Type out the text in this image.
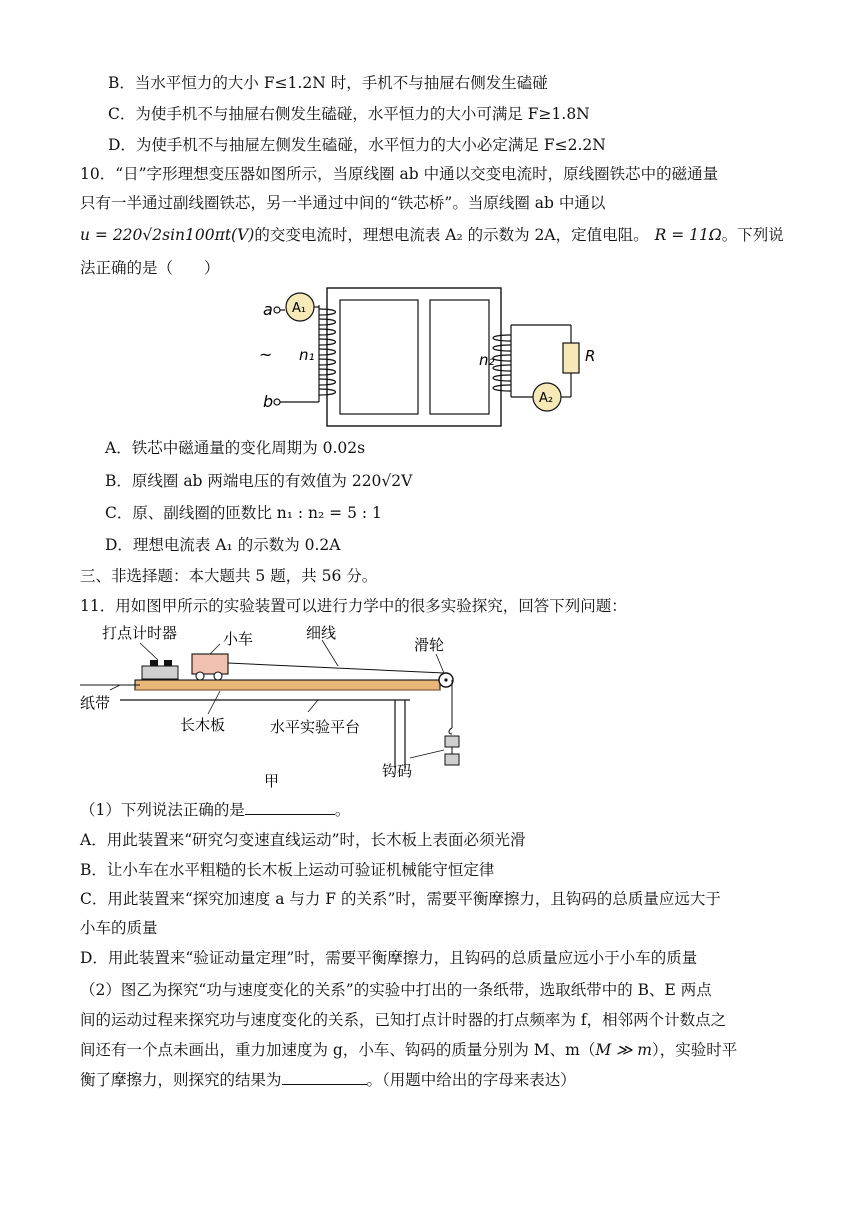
B．当水平恒力的大小 F≤1.2N 时，手机不与抽屉右侧发生磕碰
C．为使手机不与抽屉右侧发生磕碰，水平恒力的大小可满足 F≥1.8N
D．为使手机不与抽屉左侧发生磕碰，水平恒力的大小必定满足 F≤2.2N
10．“日”字形理想变压器如图所示，当原线圈 ab 中通以交变电流时，原线圈铁芯中的磁通量
只有一半通过副线圈铁芯，另一半通过中间的“铁芯桥”。当原线圈 ab 中通以
u = 220√2sin100πt(V)的交变电流时，理想电流表 A₂ 的示数为 2A，定值电阻。 R = 11Ω。下列说
法正确的是（　　）
a
b
~ n₁	n₂	R
A₁
A₂
A．铁芯中磁通量的变化周期为 0.02s
B．原线圈 ab 两端电压的有效值为 220√2V
C．原、副线圈的匝数比 n₁ : n₂ = 5 : 1
D．理想电流表 A₁ 的示数为 0.2A
三、非选择题：本大题共 5 题，共 56 分。
11．用如图甲所示的实验装置可以进行力学中的很多实验探究，回答下列问题：
打点计时器	小车	细线
滑轮
纸带
长木板	水平实验平台
钩码
甲
（1）下列说法正确的是	。
A．用此装置来“研究匀变速直线运动”时，长木板上表面必须光滑
B．让小车在水平粗糙的长木板上运动可验证机械能守恒定律
C．用此装置来“探究加速度 a 与力 F 的关系”时，需要平衡摩擦力，且钩码的总质量应远大于
小车的质量
D．用此装置来“验证动量定理”时，需要平衡摩擦力，且钩码的总质量应远小于小车的质量
（2）图乙为探究“功与速度变化的关系”的实验中打出的一条纸带，选取纸带中的 B、E 两点
间的运动过程来探究功与速度变化的关系，已知打点计时器的打点频率为 f，相邻两个计数点之
间还有一个点未画出，重力加速度为 g，小车、钩码的质量分别为 M、m（M ≫ m），实验时平
衡了摩擦力，则探究的结果为	。（用题中给出的字母来表达）
